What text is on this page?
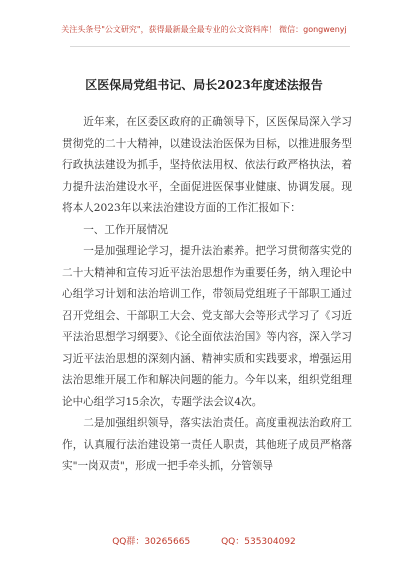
关注头条号"公文研究"，获得最新最全最专业的公文资料库！ 微信：gongwenyj
区医保局党组书记、局长2023年度述法报告

近年来，在区委区政府的正确领导下，区医保局深入学习贯彻党的二十大精神，以建设法治医保为目标，以推进服务型行政执法建设为抓手，坚持依法用权、依法行政严格执法，着力提升法治建设水平，全面促进医保事业健康、协调发展。现将本人2023年以来法治建设方面的工作汇报如下：

一、工作开展情况

一是加强理论学习，提升法治素养。把学习贯彻落实党的二十大精神和宣传习近平法治思想作为重要任务，纳入理论中心组学习计划和法治培训工作，带领局党组班子干部职工通过召开党组会、干部职工大会、党支部大会等形式学习了《习近平法治思想学习纲要》、《论全面依法治国》等内容，深入学习习近平法治思想的深刻内涵、精神实质和实践要求，增强运用法治思维开展工作和解决问题的能力。今年以来，组织党组理论中心组学习15余次，专题学法会议4次。

二是加强组织领导，落实法治责任。高度重视法治政府工作，认真履行法治建设第一责任人职责，其他班子成员严格落实"一岗双责"，形成一把手牵头抓，分管领导

QQ群：30265665	QQ：535304092
